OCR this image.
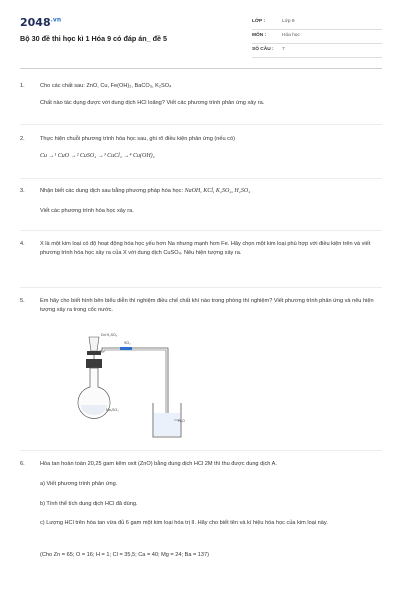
$2048^{.vn}$
Bộ 30 đề thi học kì 1 Hóa 9 có đáp án_ đề 5
LỚP :	Lớp 9
MÔN :	Hóa học
SỐ CÂU : 7
1.	Cho các chất sau: ZnO, Cu, Fe(OH)₂, BaCO₃, K₂SO₄
Chất nào tác dụng được với dung dịch HCl loãng? Viết các phương trình phản ứng xảy ra.
2.	Thực hiện chuỗi phương trình hóa học sau, ghi rõ điều kiện phản ứng (nếu có)
Cu →¹ CuO →² CuSO₄ →³ CuCl₂ →⁴ Cu(OH)₂
3.	Nhận biết các dung dịch sau bằng phương pháp hóa học: NaOH, KCl, K₂SO₄, H₂SO₄
Viết các phương trình hóa học xảy ra.
4.	X là một kim loại có độ hoạt động hóa học yếu hơn Na nhưng mạnh hơn Fe. Hãy chọn một kim loại phù hợp với điều kiện trên và viết phương trình hóa học xảy ra của X với dung dịch CuSO₄. Nêu hiện tượng xảy ra.
5.	Em hãy cho biết hình bên biểu diễn thí nghiệm điều chế chất khí nào trong phòng thí nghiệm? Viết phương trình phản ứng và nêu hiện tượng xảy ra trong cốc nước.
Dd H₂SO₄
SO₂
Na₂SO₃
H₂O
6.	Hòa tan hoàn toàn 20,25 gam kẽm oxit (ZnO) bằng dung dịch HCl 2M thì thu được dung dịch A.
a) Viết phương trình phản ứng.
b) Tính thể tích dung dịch HCl đã dùng.
c) Lượng HCl trên hòa tan vừa đủ 6 gam một kim loại hóa trị II. Hãy cho biết tên và kí hiệu hóa học của kim loại này.
(Cho Zn = 65; O = 16; H = 1; Cl = 35,5; Ca = 40; Mg = 24; Ba = 137)
